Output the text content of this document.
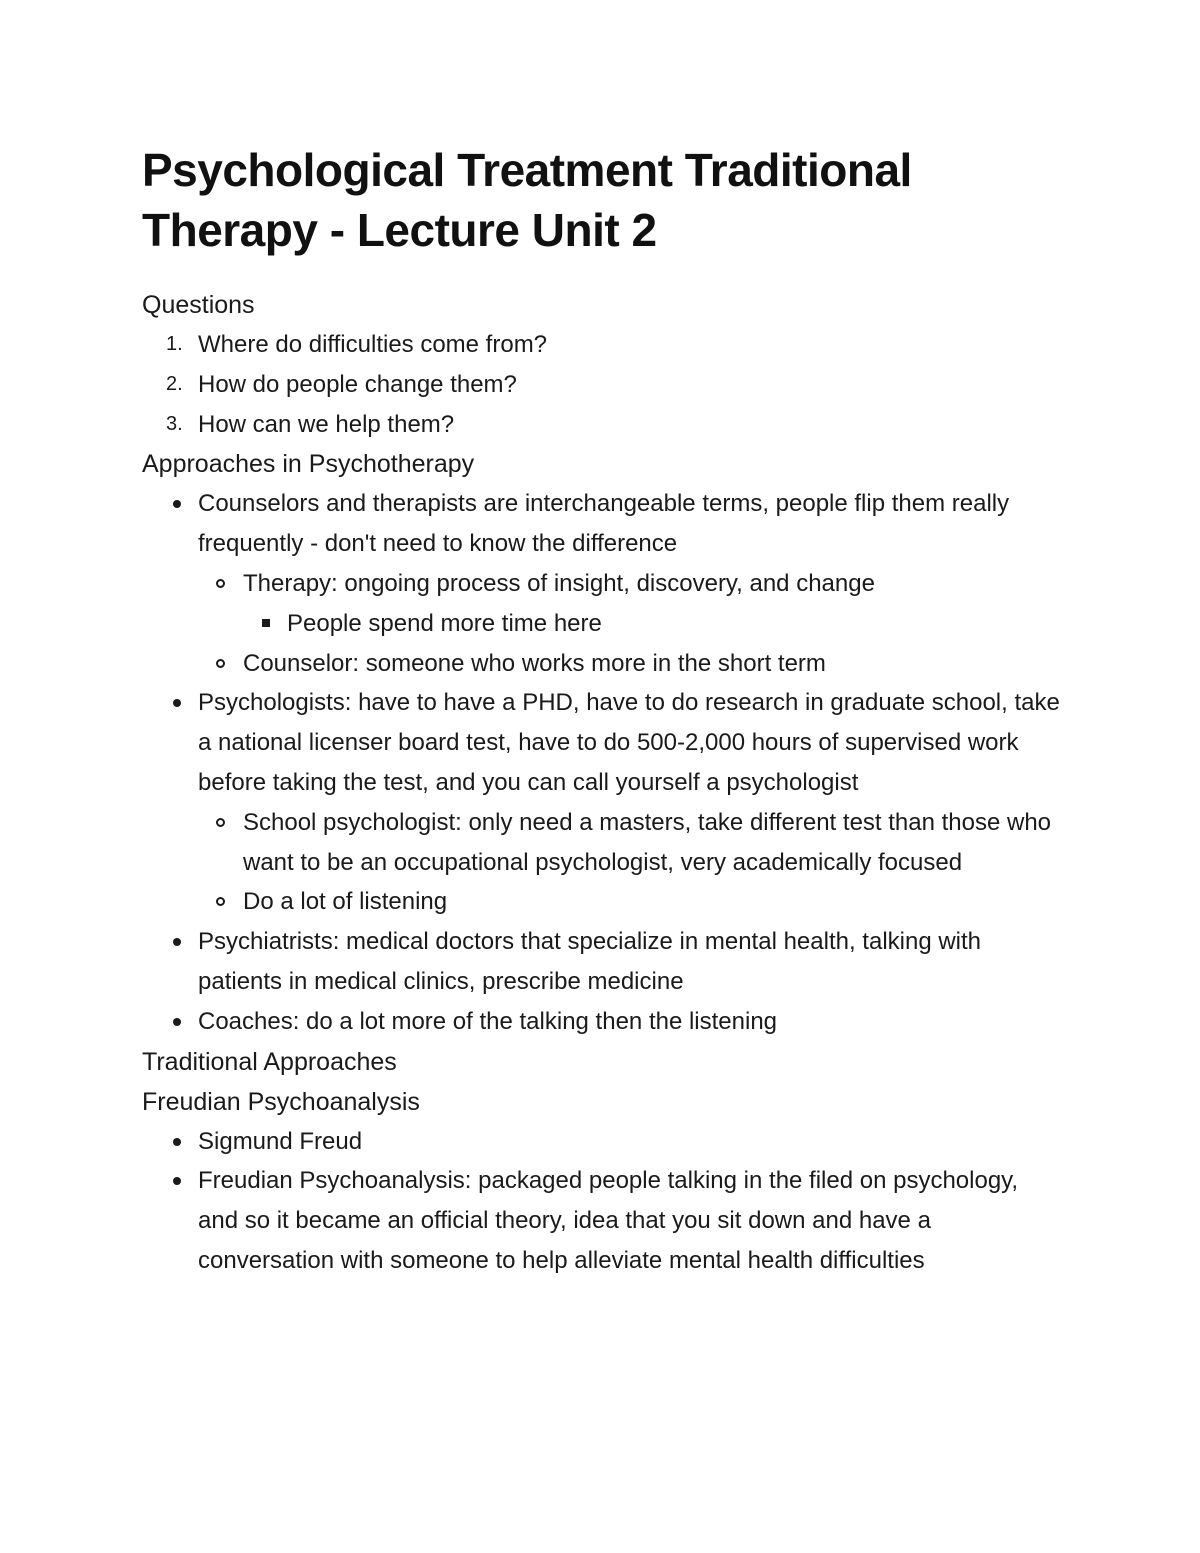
Psychological Treatment Traditional
Therapy - Lecture Unit 2
Questions
1. Where do difficulties come from?
2. How do people change them?
3. How can we help them?
Approaches in Psychotherapy
Counselors and therapists are interchangeable terms, people flip them really frequently - don't need to know the difference
Therapy: ongoing process of insight, discovery, and change
People spend more time here
Counselor: someone who works more in the short term
Psychologists: have to have a PHD, have to do research in graduate school, take a national licenser board test, have to do 500-2,000 hours of supervised work before taking the test, and you can call yourself a psychologist
School psychologist: only need a masters, take different test than those who want to be an occupational psychologist, very academically focused
Do a lot of listening
Psychiatrists: medical doctors that specialize in mental health, talking with patients in medical clinics, prescribe medicine
Coaches: do a lot more of the talking then the listening
Traditional Approaches
Freudian Psychoanalysis
Sigmund Freud
Freudian Psychoanalysis: packaged people talking in the filed on psychology, and so it became an official theory, idea that you sit down and have a conversation with someone to help alleviate mental health difficulties
